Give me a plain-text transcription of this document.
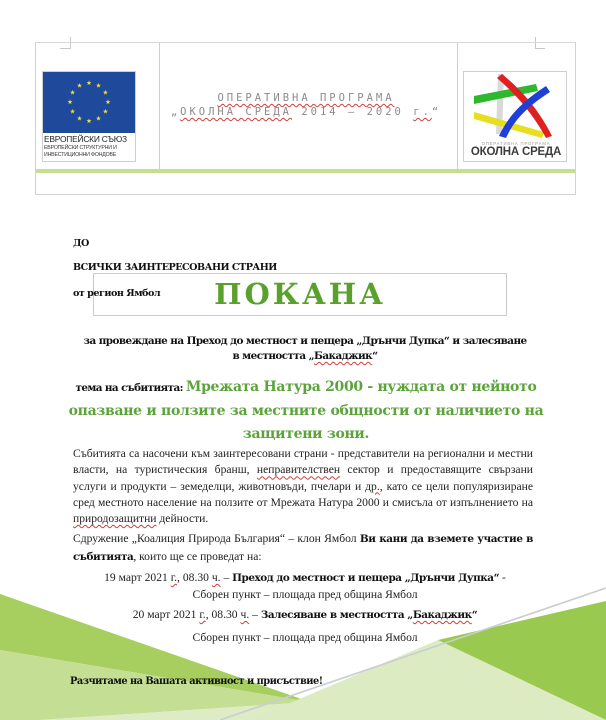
ЕВРОПЕЙСКИ СЪЮЗ
ЕВРОПЕЙСКИ СТРУКТУРНИ И
ИНВЕСТИЦИОННИ ФОНДОВЕ
ОПЕРАТИВНА ПРОГРАМА
„ОКОЛНА СРЕДА 2014 – 2020 г.“
ОПЕРАТИВНА ПРОГРАМА
ОКОЛНА СРЕДА
ДО
ВСИЧКИ ЗАИНТЕРЕСОВАНИ СТРАНИ
от регион Ямбол	ПОКАНА
за провеждане на Преход до местност и пещера „Дрънчи Дупка“ и залесяване
в местността „Бакаджик“
тема на събитията: Мрежата Натура 2000 - нуждата от нейното опазване и ползите за местните общности от наличието на защитени зони.
Събитията са насочени към заинтересовани страни - представители на регионални и местни власти, на туристическия бранш, неправителствен сектор и предоставящите свързани услуги и продукти – земеделци, животновъди, пчелари и др., като се цели популяризиране сред местното население на ползите от Мрежата Натура 2000 и смисъла от изпълнението на природозащитни дейности.
Сдружение „Коалиция Природа България“ – клон Ямбол Ви кани да вземете участие в събитията, които ще се проведат на:
19 март 2021 г., 08.30 ч. – Преход до местност и пещера „Дрънчи Дупка“ -
Сборен пункт – площада пред община Ямбол
20 март 2021 г., 08.30 ч. – Залесяване в местността „Бакаджик“
Сборен пункт – площада пред община Ямбол
Разчитаме на Вашата активност и присъствие!
